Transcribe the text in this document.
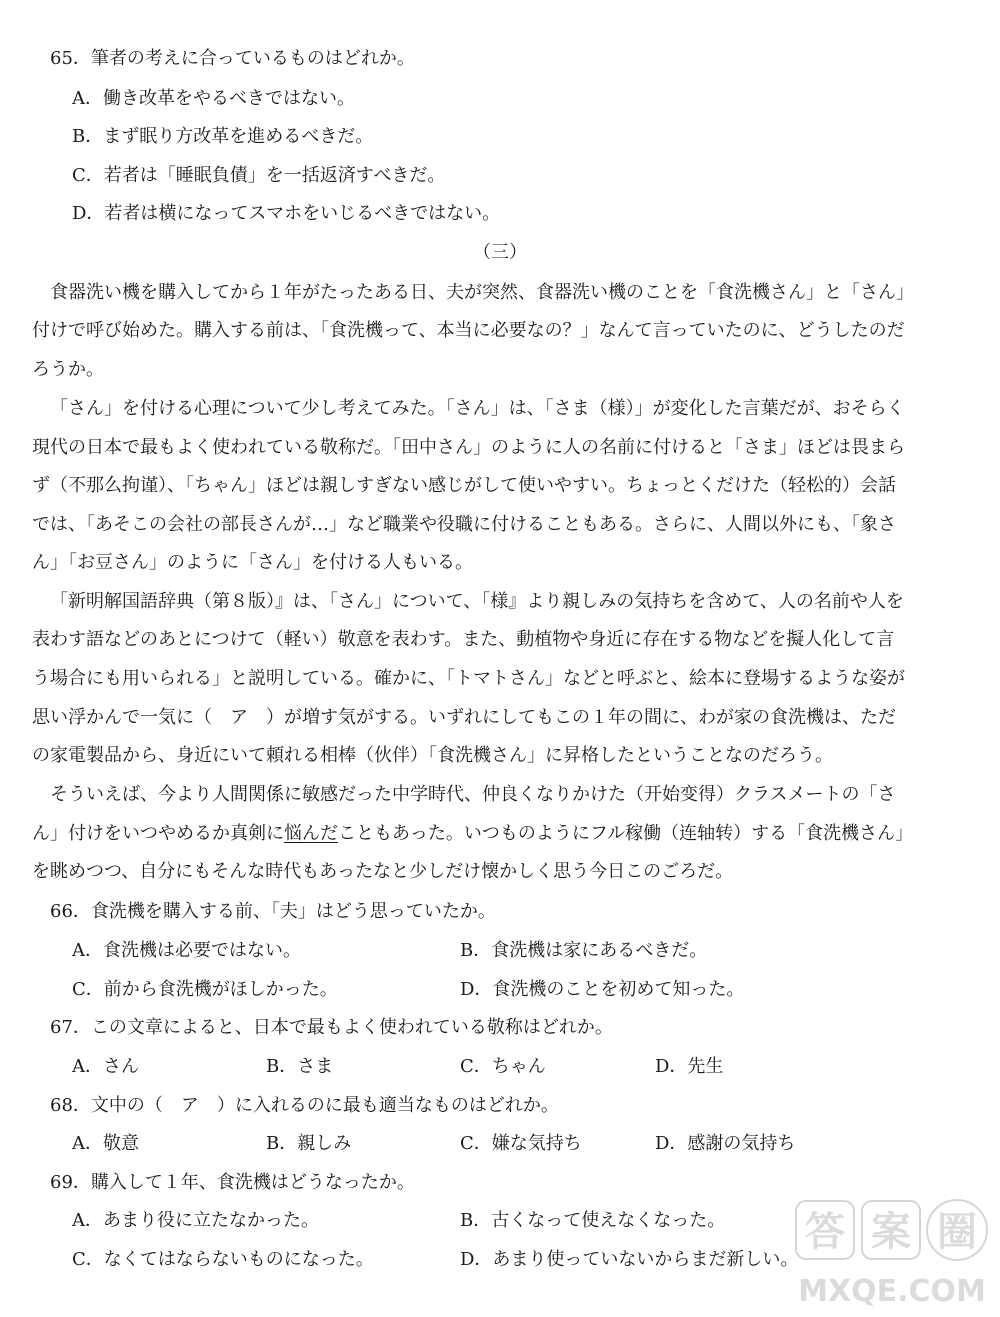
65．筆者の考えに合っているものはどれか。
A．働き改革をやるべきではない。
B．まず眠り方改革を進めるべきだ。
C．若者は「睡眠負債」を一括返済すべきだ。
D．若者は横になってスマホをいじるべきではない。
（三）
食器洗い機を購入してから１年がたったある日、夫が突然、食器洗い機のことを「食洗機さん」と「さん」
付けで呼び始めた。購入する前は、「食洗機って、本当に必要なの？」なんて言っていたのに、どうしたのだ
ろうか。
「さん」を付ける心理について少し考えてみた。「さん」は、「さま（様）」が変化した言葉だが、おそらく
現代の日本で最もよく使われている敬称だ。「田中さん」のように人の名前に付けると「さま」ほどは畏まら
ず（不那么拘谨）、「ちゃん」ほどは親しすぎない感じがして使いやすい。ちょっとくだけた（轻松的）会話
では、「あそこの会社の部長さんが…」など職業や役職に付けることもある。さらに、人間以外にも、「象さ
ん」「お豆さん」のように「さん」を付ける人もいる。
「新明解国語辞典（第８版）』は、「さん」について、「様』より親しみの気持ちを含めて、人の名前や人を
表わす語などのあとにつけて（軽い）敬意を表わす。また、動植物や身近に存在する物などを擬人化して言
う場合にも用いられる」と説明している。確かに、「トマトさん」などと呼ぶと、絵本に登場するような姿が
思い浮かんで一気に（　ア　）が増す気がする。いずれにしてもこの１年の間に、わが家の食洗機は、ただ
の家電製品から、身近にいて頼れる相棒（伙伴）「食洗機さん」に昇格したということなのだろう。
そういえば、今より人間関係に敏感だった中学時代、仲良くなりかけた（开始变得）クラスメートの「さ
ん」付けをいつやめるか真剣に悩んだこともあった。いつものようにフル稼働（连轴转）する「食洗機さん」
を眺めつつ、自分にもそんな時代もあったなと少しだけ懐かしく思う今日このごろだ。
66．食洗機を購入する前、「夫」はどう思っていたか。
A．食洗機は必要ではない。	B．食洗機は家にあるべきだ。
C．前から食洗機がほしかった。	D．食洗機のことを初めて知った。
67．この文章によると、日本で最もよく使われている敬称はどれか。
A．さん	B．さま	C．ちゃん	D．先生
68．文中の（　ア　）に入れるのに最も適当なものはどれか。
A．敬意	B．親しみ	C．嫌な気持ち	D．感謝の気持ち
69．購入して１年、食洗機はどうなったか。
A．あまり役に立たなかった。	B．古くなって使えなくなった。
C．なくてはならないものになった。	D．あまり使っていないからまだ新しい。
答 案 圈
MXQE.COM
